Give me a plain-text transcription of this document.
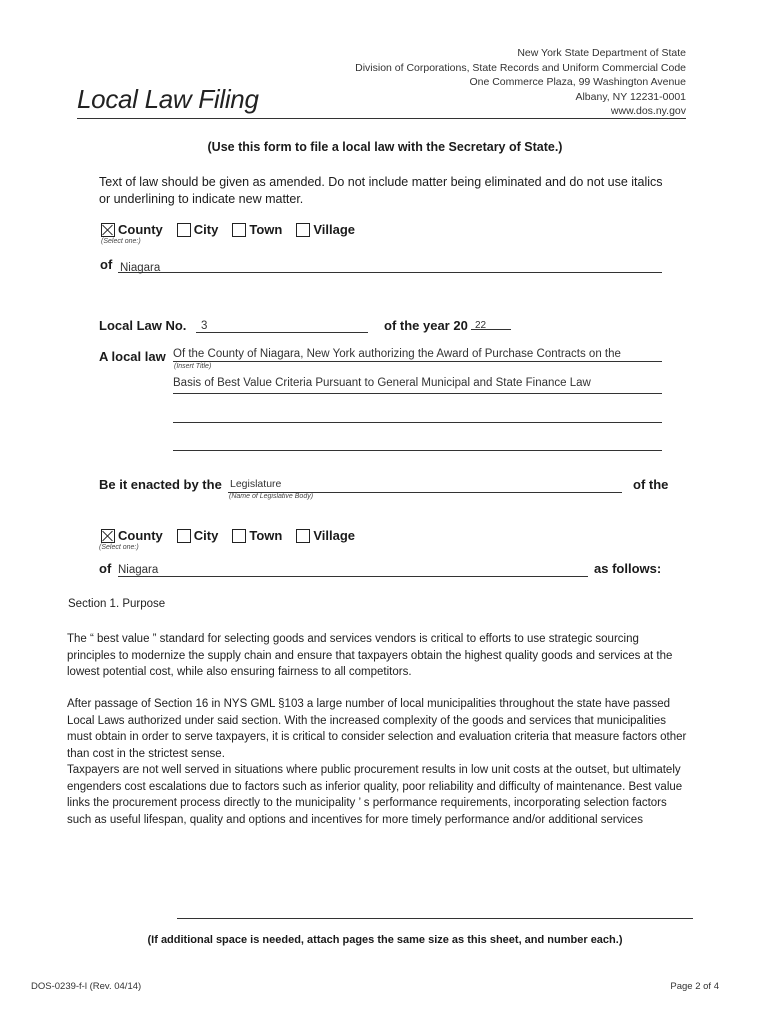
New York State Department of State
Division of Corporations, State Records and Uniform Commercial Code
One Commerce Plaza, 99 Washington Avenue
Albany, NY 12231-0001
www.dos.ny.gov
Local Law Filing
(Use this form to file a local law with the Secretary of State.)
Text of law should be given as amended. Do not include matter being eliminated and do not use italics or underlining to indicate new matter.
County City Town Village
(Select one:)
of Niagara
Local Law No.	3	of the year 20 22
A local law Of the County of Niagara, New York authorizing the Award of Purchase Contracts on the
(Insert Title)
Basis of Best Value Criteria Pursuant to General Municipal and State Finance Law
Be it enacted by the Legislature
(Name of Legislative Body)
of the
County City Town Village
(Select one:)
of Niagara	as follows:
Section 1. Purpose
The “ best value ” standard for selecting goods and services vendors is critical to efforts to use strategic sourcing principles to modernize the supply chain and ensure that taxpayers obtain the highest quality goods and services at the lowest potential cost, while also ensuring fairness to all competitors.
After passage of Section 16 in NYS GML §103 a large number of local municipalities throughout the state have passed Local Laws authorized under said section. With the increased complexity of the goods and services that municipalities must obtain in order to serve taxpayers, it is critical to consider selection and evaluation criteria that measure factors other than cost in the strictest sense.
Taxpayers are not well served in situations where public procurement results in low unit costs at the outset, but ultimately engenders cost escalations due to factors such as inferior quality, poor reliability and difficulty of maintenance. Best value links the procurement process directly to the municipality ’ s performance requirements, incorporating selection factors such as useful lifespan, quality and options and incentives for more timely performance and/or additional services
(If additional space is needed, attach pages the same size as this sheet, and number each.)
DOS-0239-f-l (Rev. 04/14)	Page 2 of 4
